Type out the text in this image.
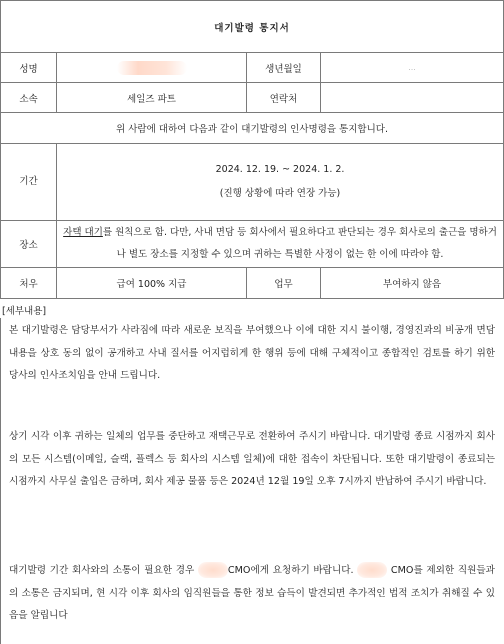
대기발령 통지서			
성명		생년월일	...
소속	세일즈 파트	연락처	
위 사람에 대하여 다음과 같이 대기발령의 인사명령을 통지합니다.			
기간	2024. 12. 19. ~ 2024. 1. 2.
(진행 상황에 따라 연장 가능)		

장소	자택 대기를 원칙으로 함. 다만, 사내 면담 등 회사에서 필요하다고 판단되는 경우 회사로의 출근을 명하거나 별도 장소를 지정할 수 있으며 귀하는 특별한 사정이 없는 한 이에 따라야 함.		
처우	급여 100% 지급	업무	부여하지 않음
[세부내용]
본 대기발령은 담당부서가 사라짐에 따라 새로운 보직을 부여했으나 이에 대한 지시 불이행, 경영진과의 비공개 면담 내용을 상호 동의 없이 공개하고 사내 질서를 어지럽히게 한 행위 등에 대해 구체적이고 종합적인 검토를 하기 위한 당사의 인사조치임을 안내 드립니다.
상기 시각 이후 귀하는 일체의 업무를 중단하고 재택근무로 전환하여 주시기 바랍니다. 대기발령 종료 시점까지 회사의 모든 시스템(이메일, 슬랙, 플렉스 등 회사의 시스템 일체)에 대한 접속이 차단됩니다. 또한 대기발령이 종료되는 시점까지 사무실 출입은 금하며, 회사 제공 물품 등은 2024년 12월 19일 오후 7시까지 반납하여 주시기 바랍니다.
대기발령 기간 회사와의 소통이 필요한 경우	CMO에게 요청하기 바랍니다.	CMO를 제외한 직원들과의 소통은 금지되며, 현 시각 이후 회사의 임직원들을 통한 정보 습득이 발견되면 추가적인 법적 조치가 취해질 수 있음을 알립니다
